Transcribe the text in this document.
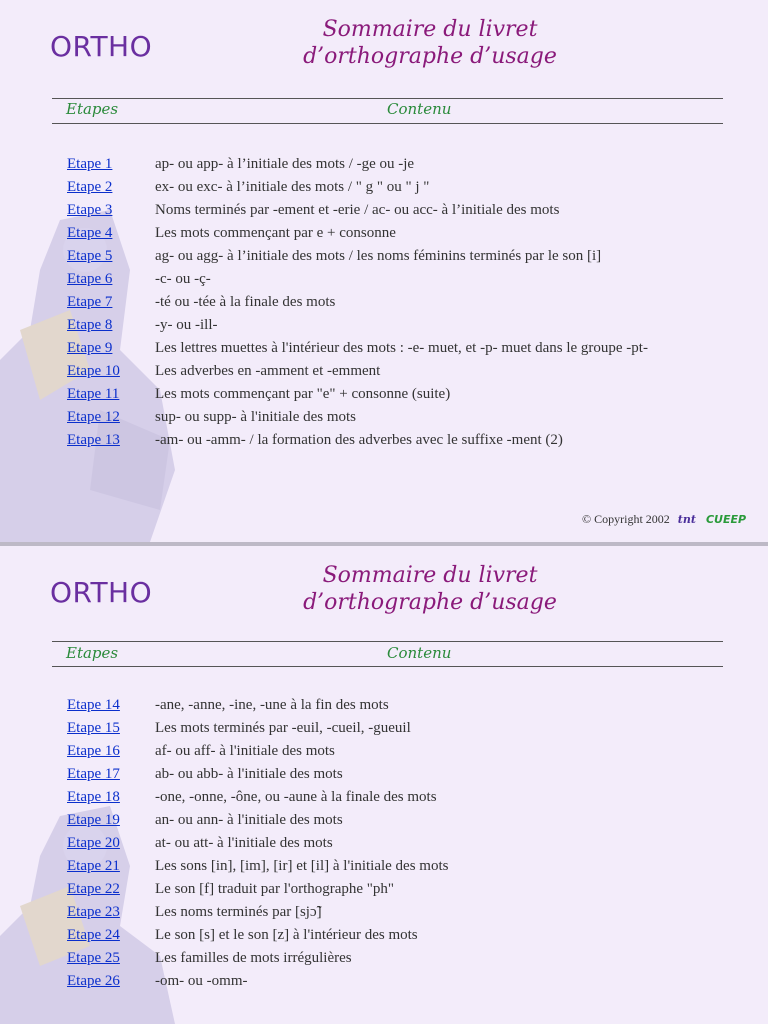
ORTHO
Sommaire du livret
d’orthographe d’usage
Etapes	Contenu
Etape 1	ap- ou app- à l’initiale des mots / -ge ou -je
Etape 2	ex- ou exc- à l’initiale des mots / " g " ou " j "
Etape 3	Noms terminés par -ement et -erie / ac- ou acc- à l’initiale des mots
Etape 4	Les mots commençant par e + consonne
Etape 5	ag- ou agg- à l’initiale des mots / les noms féminins terminés par le son [i]
Etape 6	-c- ou -ç-
Etape 7	-té ou -tée à la finale des mots
Etape 8	-y- ou -ill-
Etape 9	Les lettres muettes à l'intérieur des mots : -e- muet, et -p- muet dans le groupe -pt-
Etape 10	Les adverbes en -amment et -emment
Etape 11	Les mots commençant par "e" + consonne (suite)
Etape 12	sup- ou supp- à l'initiale des mots
Etape 13	-am- ou -amm- / la formation des adverbes avec le suffixe -ment (2)
© Copyright 2002 tnt CUEEP
ORTHO
Sommaire du livret
d’orthographe d’usage
Etapes	Contenu
Etape 14	-ane, -anne, -ine, -une à la fin des mots
Etape 15	Les mots terminés par -euil, -cueil, -gueuil
Etape 16	af- ou aff- à l'initiale des mots
Etape 17	ab- ou abb- à l'initiale des mots
Etape 18	-one, -onne, -ône, ou -aune à la finale des mots
Etape 19	an- ou ann- à l'initiale des mots
Etape 20	at- ou att- à l'initiale des mots
Etape 21	Les sons [in], [im], [ir] et [il] à l'initiale des mots
Etape 22	Le son [f] traduit par l'orthographe "ph"
Etape 23	Les noms terminés par [sjɔ̃]
Etape 24	Le son [s] et le son [z] à l'intérieur des mots
Etape 25	Les familles de mots irrégulières
Etape 26	-om- ou -omm-
